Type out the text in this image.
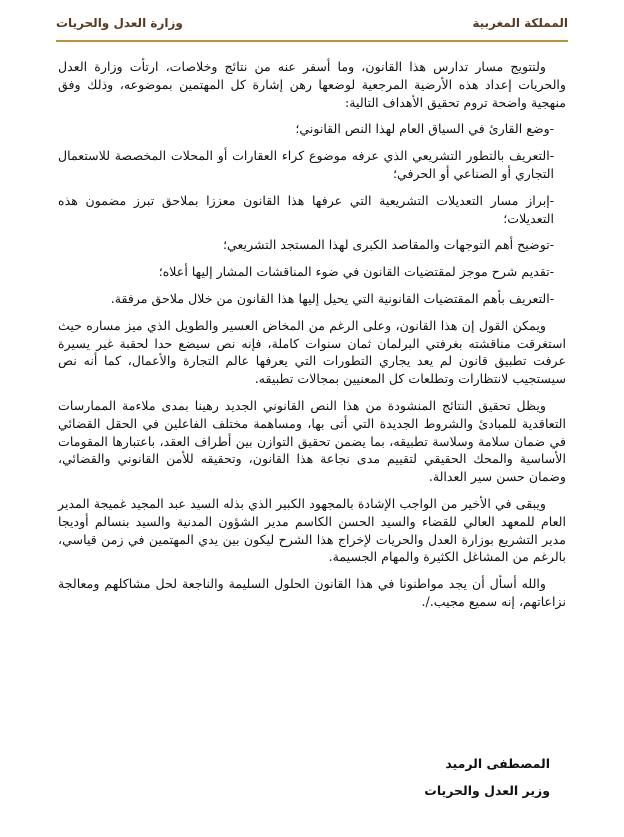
المملكة المغربية
وزارة العدل والحريات

ولتتويج مسار تدارس هذا القانون، وما أسفر عنه من نتائج وخلاصات، ارتأت وزارة العدل والحريات إعداد هذه الأرضية المرجعية لوضعها رهن إشارة كل المهتمين بموضوعه، وذلك وفق منهجية واضحة تروم تحقيق الأهداف التالية:

-وضع القارئ في السياق العام لهذا النص القانوني؛

-التعريف بالتطور التشريعي الذي عرفه موضوع كراء العقارات أو المحلات المخصصة للاستعمال التجاري أو الصناعي أو الحرفي؛

-إبراز مسار التعديلات التشريعية التي عرفها هذا القانون معززا بملاحق تبرز مضمون هذه التعديلات؛

-توضيح أهم التوجهات والمقاصد الكبرى لهذا المستجد التشريعي؛

-تقديم شرح موجز لمقتضيات القانون في ضوء المناقشات المشار إليها أعلاه؛

-التعريف بأهم المقتضيات القانونية التي يحيل إليها هذا القانون من خلال ملاحق مرفقة.

ويمكن القول إن هذا القانون، وعلى الرغم من المخاض العسير والطويل الذي ميز مساره حيث استغرقت مناقشته بغرفتي البرلمان ثمان سنوات كاملة، فإنه نص سيضع حدا لحقبة غير يسيرة عرفت تطبيق قانون لم يعد يجاري التطورات التي يعرفها عالم التجارة والأعمال، كما أنه نص سيستجيب لانتظارات وتطلعات كل المعنيين بمجالات تطبيقه.

ويظل تحقيق النتائج المنشودة من هذا النص القانوني الجديد رهينا بمدى ملاءمة الممارسات التعاقدية للمبادئ والشروط الجديدة التي أتى بها، ومساهمة مختلف الفاعلين في الحقل القضائي في ضمان سلامة وسلاسة تطبيقه، بما يضمن تحقيق التوازن بين أطراف العقد، باعتبارها المقومات الأساسية والمحك الحقيقي لتقييم مدى نجاعة هذا القانون، وتحقيقه للأمن القانوني والقضائي، وضمان حسن سير العدالة.

ويبقى في الأخير من الواجب الإشادة بالمجهود الكبير الذي بذله السيد عبد المجيد غميجة المدير العام للمعهد العالي للقضاء والسيد الحسن الكاسم مدير الشؤون المدنية والسيد بنسالم أوديجا مدير التشريع بوزارة العدل والحريات لإخراج هذا الشرح ليكون بين يدي المهتمين في زمن قياسي، بالرغم من المشاغل الكثيرة والمهام الجسيمة.

والله أسأل أن يجد مواطنونا في هذا القانون الحلول السليمة والناجعة لحل مشاكلهم ومعالجة نزاعاتهم، إنه سميع مجيب./.

المصطفى الرميد
وزير العدل والحريات
